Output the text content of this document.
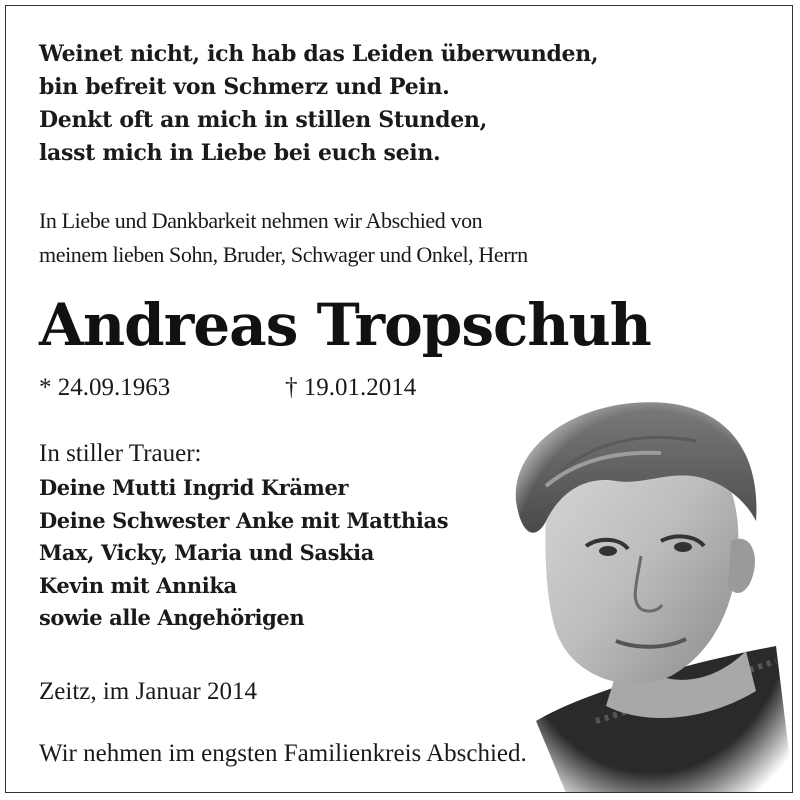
Weinet nicht, ich hab das Leiden überwunden,
bin befreit von Schmerz und Pein.
Denkt oft an mich in stillen Stunden,
lasst mich in Liebe bei euch sein.
In Liebe und Dankbarkeit nehmen wir Abschied von
meinem lieben Sohn, Bruder, Schwager und Onkel, Herrn
Andreas Tropschuh
* 24.09.1963	† 19.01.2014
In stiller Trauer:
Deine Mutti Ingrid Krämer
Deine Schwester Anke mit Matthias
Max, Vicky, Maria und Saskia
Kevin mit Annika
sowie alle Angehörigen
Zeitz, im Januar 2014
Wir nehmen im engsten Familienkreis Abschied.
